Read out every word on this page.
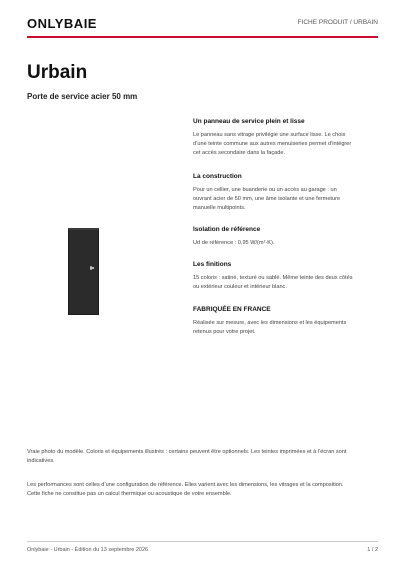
ONLYBAIE	FICHE PRODUIT / URBAIN
Urbain
Porte de service acier 50 mm
Un panneau de service plein et lisse
Le panneau sans vitrage privilégie une surface lisse. Le choix
d’une teinte commune aux autres menuiseries permet d’intégrer
cet accès secondaire dans la façade.
La construction
Pour un cellier, une buanderie ou un accès au garage : un
ouvrant acier de 50 mm, une âme isolante et une fermeture
manuelle multipoints.
Isolation de référence
Ud de référence : 0,95 W/(m²·K).
Les finitions
15 coloris : satiné, texturé ou sablé. Même teinte des deux côtés
ou extérieur couleur et intérieur blanc.
FABRIQUÉE EN FRANCE
Réalisée sur mesure, avec les dimensions et les équipements
retenus pour votre projet.
Vraie photo du modèle. Coloris et équipements illustrés : certains peuvent être optionnels. Les teintes imprimées et à l’écran sont
indicatives.
Les performances sont celles d’une configuration de référence. Elles varient avec les dimensions, les vitrages et la composition.
Cette fiche ne constitue pas un calcul thermique ou acoustique de votre ensemble.
Onlybaie - Urbain - Édition du 13 septembre 2026	1 / 2
